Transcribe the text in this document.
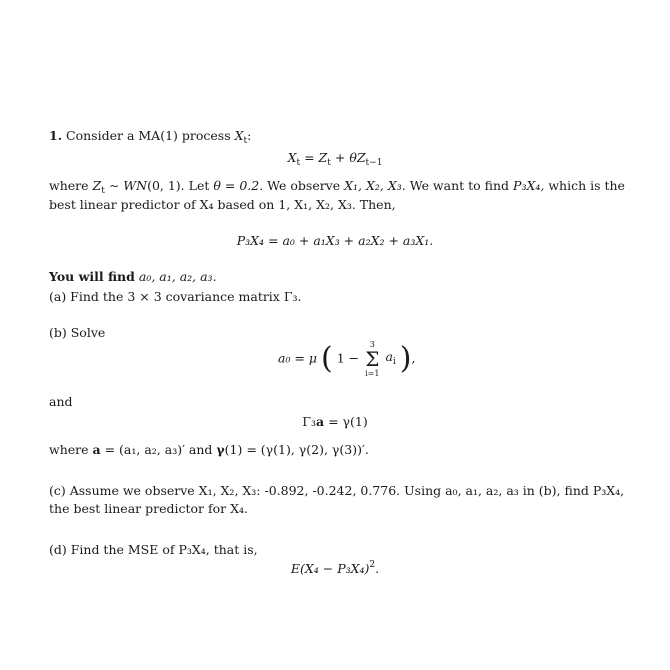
1. Consider a MA(1) process $X_t$:

$X_t = Z_t + \theta Z_{t-1}$

where $Z_t$ ∼ WN(0, 1). Let θ = 0.2. We observe X₁, X₂, X₃. We want to find P₃X₄, which is the

best linear predictor of X₄ based on 1, X₁, X₂, X₃. Then,

P₃X₄ = a₀ + a₁X₃ + a₂X₂ + a₃X₁.

You will find a₀, a₁, a₂, a₃.

(a) Find the 3 × 3 covariance matrix Γ₃.

(b) Solve

a₀ = μ ( 1 −
3
Σ
i=1
$a_i$ ),

and

Γ₃a = γ(1)

where a = (a₁, a₂, a₃)′ and γ(1) = (γ(1), γ(2), γ(3))′.

(c) Assume we observe X₁, X₂, X₃: -0.892, -0.242, 0.776. Using a₀, a₁, a₂, a₃ in (b), find P₃X₄,

the best linear predictor for X₄.

(d) Find the MSE of P₃X₄, that is,

$E(X_4 - P_3X_4)^2$.
